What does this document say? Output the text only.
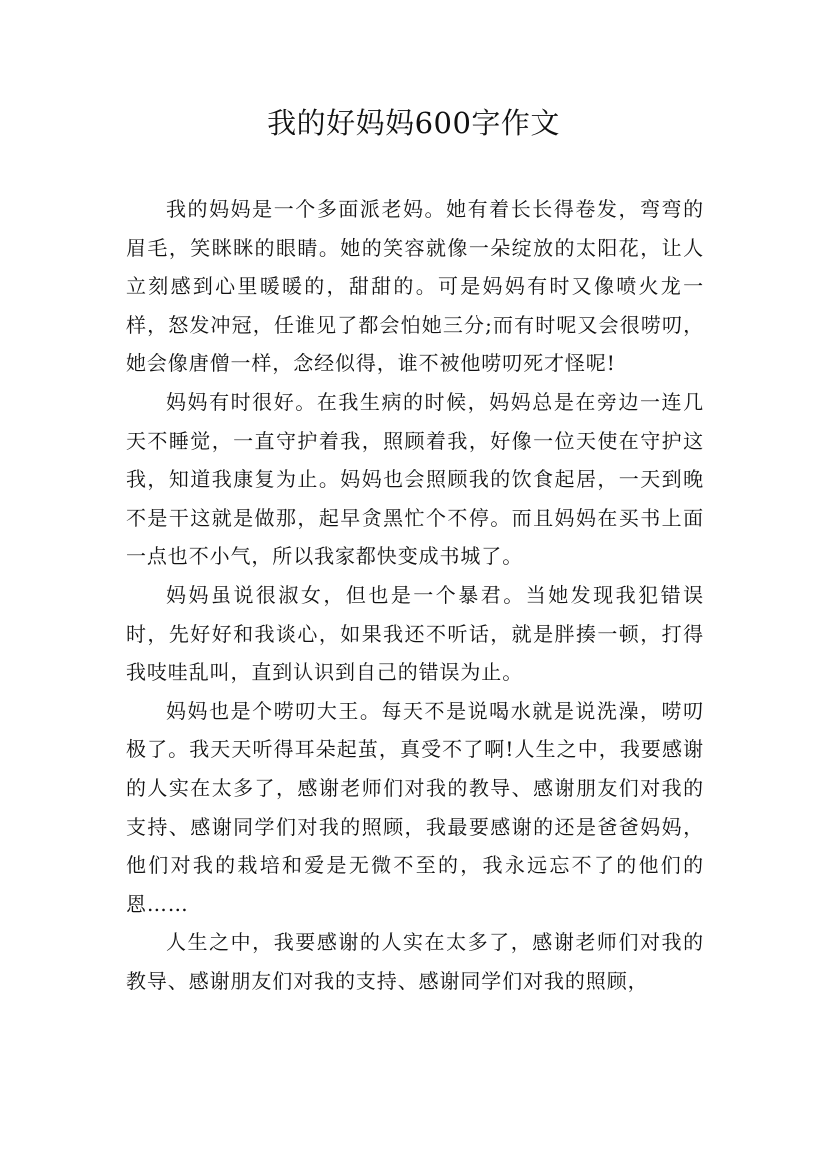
我的好妈妈600字作文

我的妈妈是一个多面派老妈。她有着长长得卷发，弯弯的眉毛，笑眯眯的眼睛。她的笑容就像一朵绽放的太阳花，让人立刻感到心里暖暖的，甜甜的。可是妈妈有时又像喷火龙一样，怒发冲冠，任谁见了都会怕她三分;而有时呢又会很唠叨，她会像唐僧一样，念经似得，谁不被他唠叨死才怪呢!

妈妈有时很好。在我生病的时候，妈妈总是在旁边一连几天不睡觉，一直守护着我，照顾着我，好像一位天使在守护这我，知道我康复为止。妈妈也会照顾我的饮食起居，一天到晚不是干这就是做那，起早贪黑忙个不停。而且妈妈在买书上面一点也不小气，所以我家都快变成书城了。

妈妈虽说很淑女，但也是一个暴君。当她发现我犯错误时，先好好和我谈心，如果我还不听话，就是胖揍一顿，打得我吱哇乱叫，直到认识到自己的错误为止。

妈妈也是个唠叨大王。每天不是说喝水就是说洗澡，唠叨极了。我天天听得耳朵起茧，真受不了啊!人生之中，我要感谢的人实在太多了，感谢老师们对我的教导、感谢朋友们对我的支持、感谢同学们对我的照顾，我最要感谢的还是爸爸妈妈，他们对我的栽培和爱是无微不至的，我永远忘不了的他们的恩……

人生之中，我要感谢的人实在太多了，感谢老师们对我的教导、感谢朋友们对我的支持、感谢同学们对我的照顾，
